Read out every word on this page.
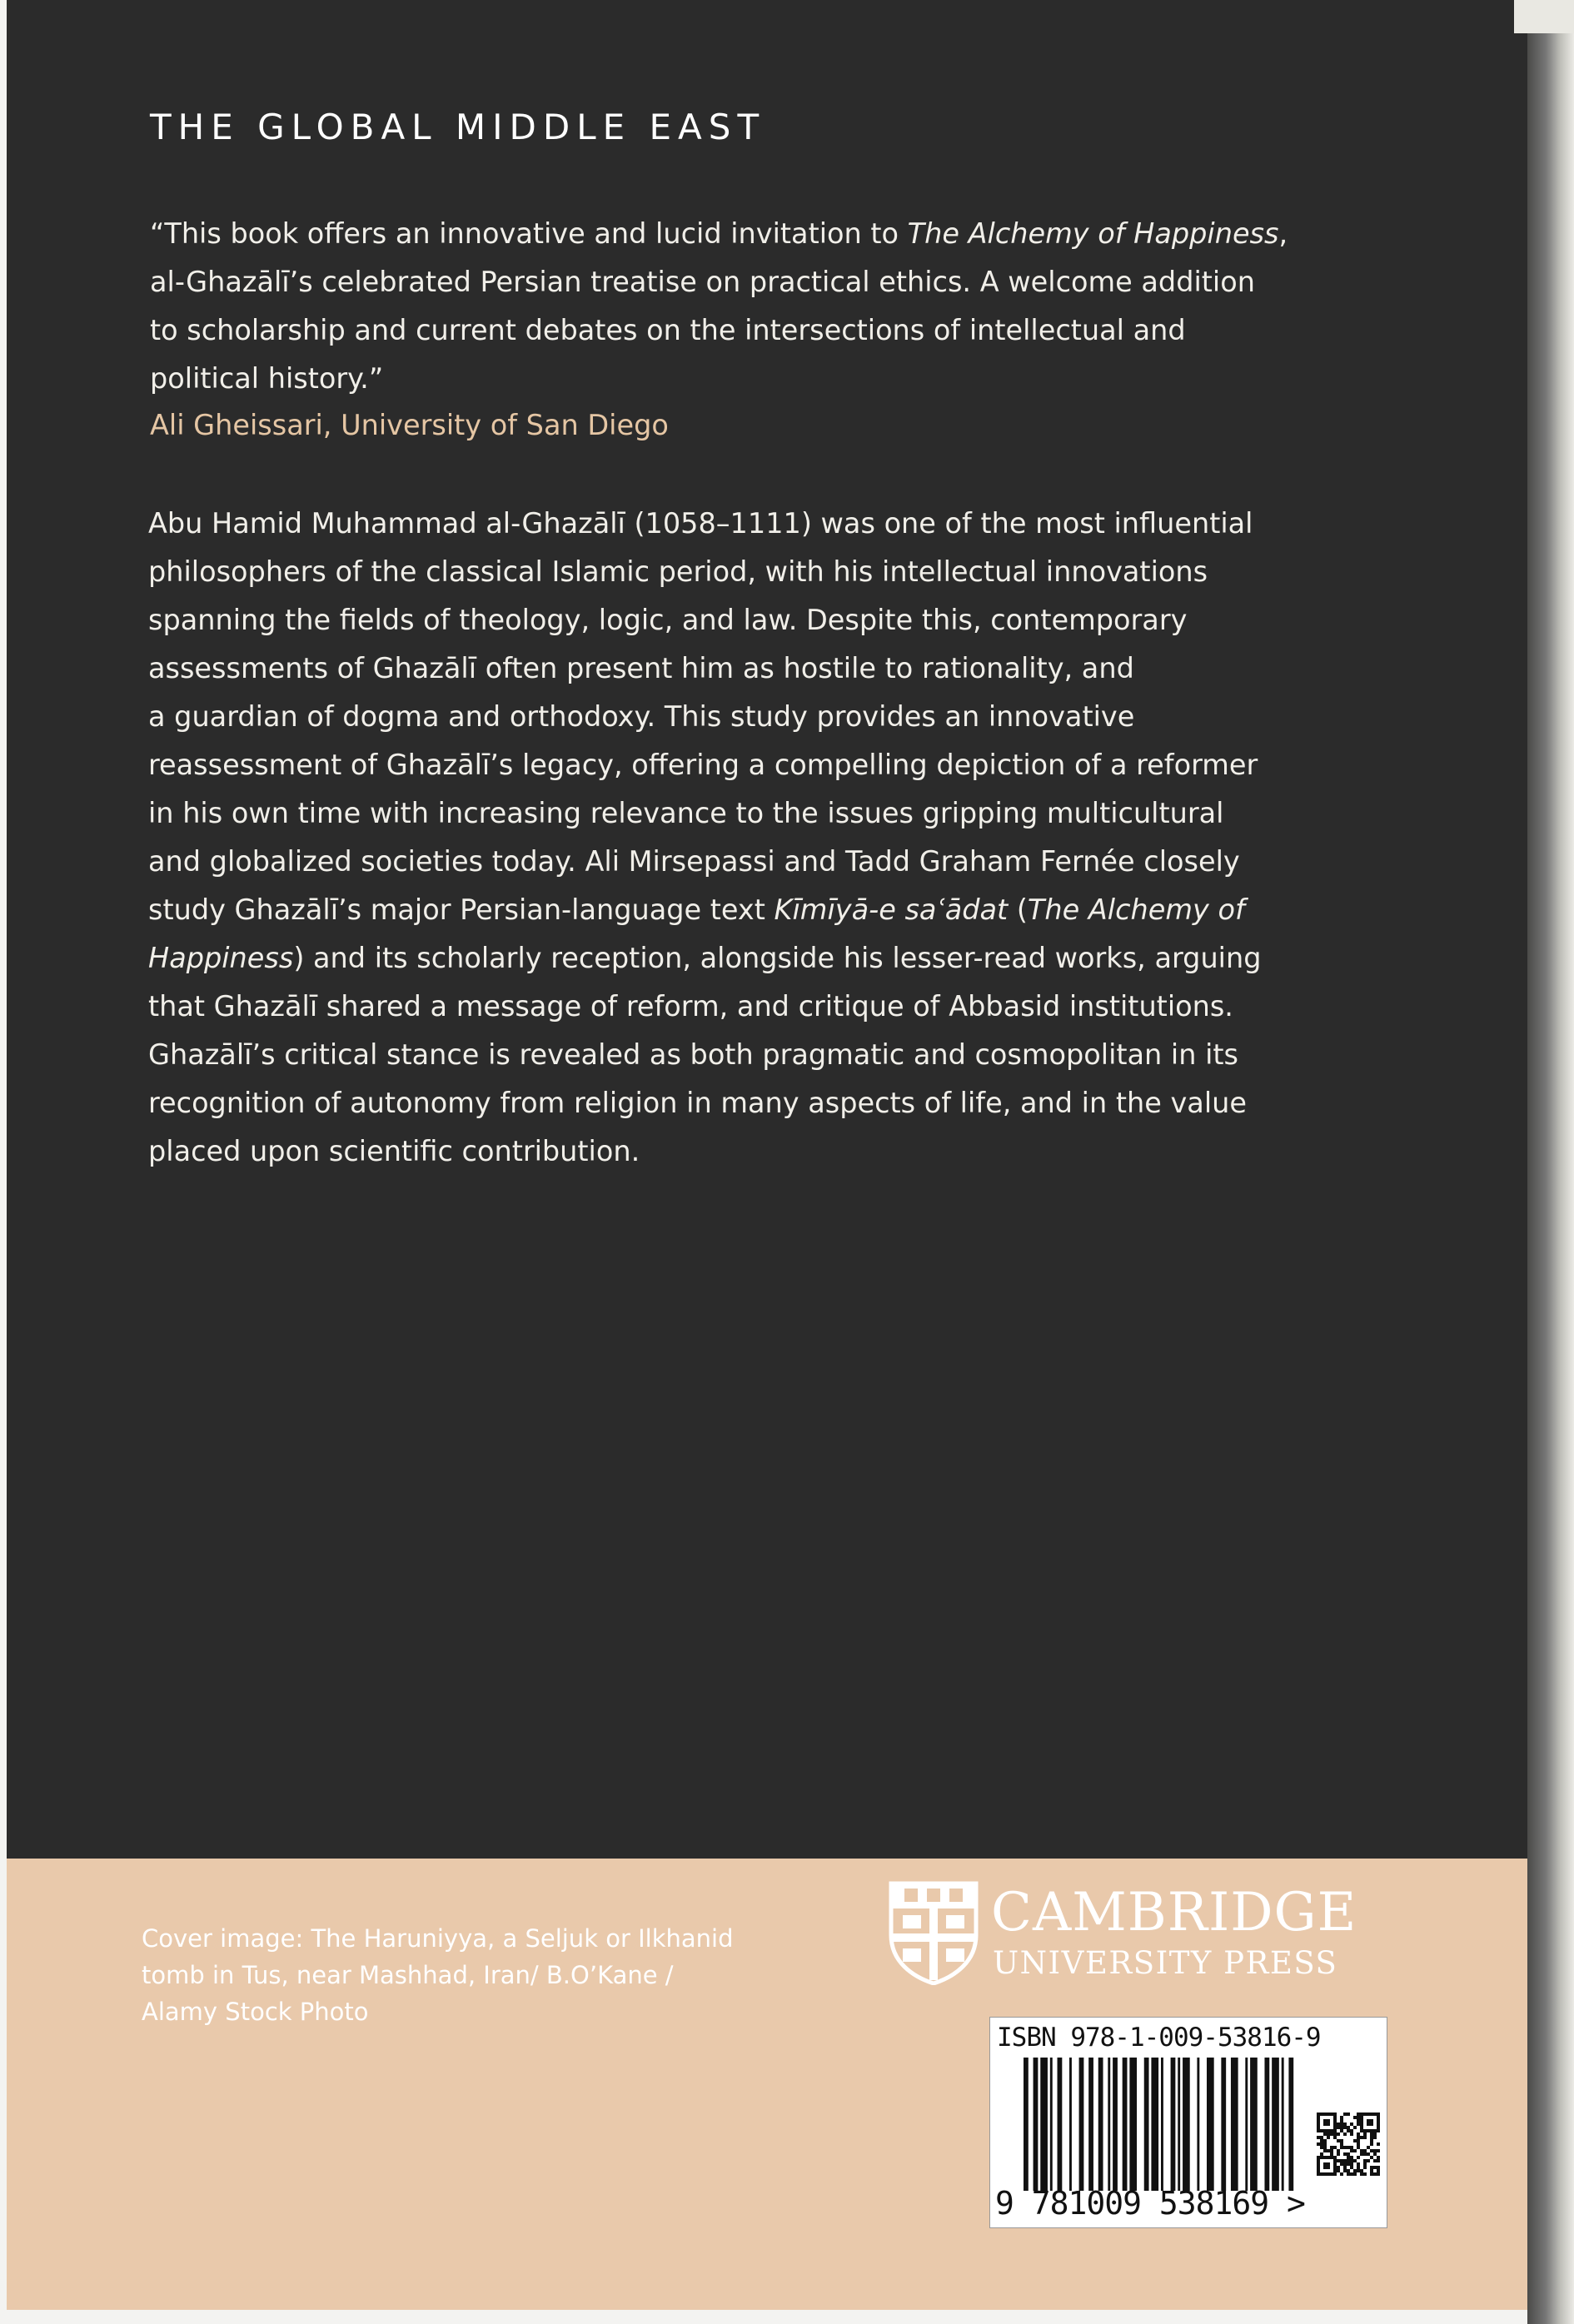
THE GLOBAL MIDDLE EAST
“This book offers an innovative and lucid invitation to The Alchemy of Happiness,
al-Ghazālī’s celebrated Persian treatise on practical ethics. A welcome addition
to scholarship and current debates on the intersections of intellectual and
political history.”
Ali Gheissari, University of San Diego
Abu Hamid Muhammad al-Ghazālī (1058–1111) was one of the most influential
philosophers of the classical Islamic period, with his intellectual innovations
spanning the fields of theology, logic, and law. Despite this, contemporary
assessments of Ghazālī often present him as hostile to rationality, and
a guardian of dogma and orthodoxy. This study provides an innovative
reassessment of Ghazālī’s legacy, offering a compelling depiction of a reformer
in his own time with increasing relevance to the issues gripping multicultural
and globalized societies today. Ali Mirsepassi and Tadd Graham Fernée closely
study Ghazālī’s major Persian-language text Kīmīyā-e saʿādat (The Alchemy of
Happiness) and its scholarly reception, alongside his lesser-read works, arguing
that Ghazālī shared a message of reform, and critique of Abbasid institutions.
Ghazālī’s critical stance is revealed as both pragmatic and cosmopolitan in its
recognition of autonomy from religion in many aspects of life, and in the value
placed upon scientific contribution.
Cover image: The Haruniyya, a Seljuk or Ilkhanid
tomb in Tus, near Mashhad, Iran/ B.O’Kane /
Alamy Stock Photo
CAMBRIDGE
UNIVERSITY PRESS
ISBN 978-1-009-53816-9
9 781009 538169 >
